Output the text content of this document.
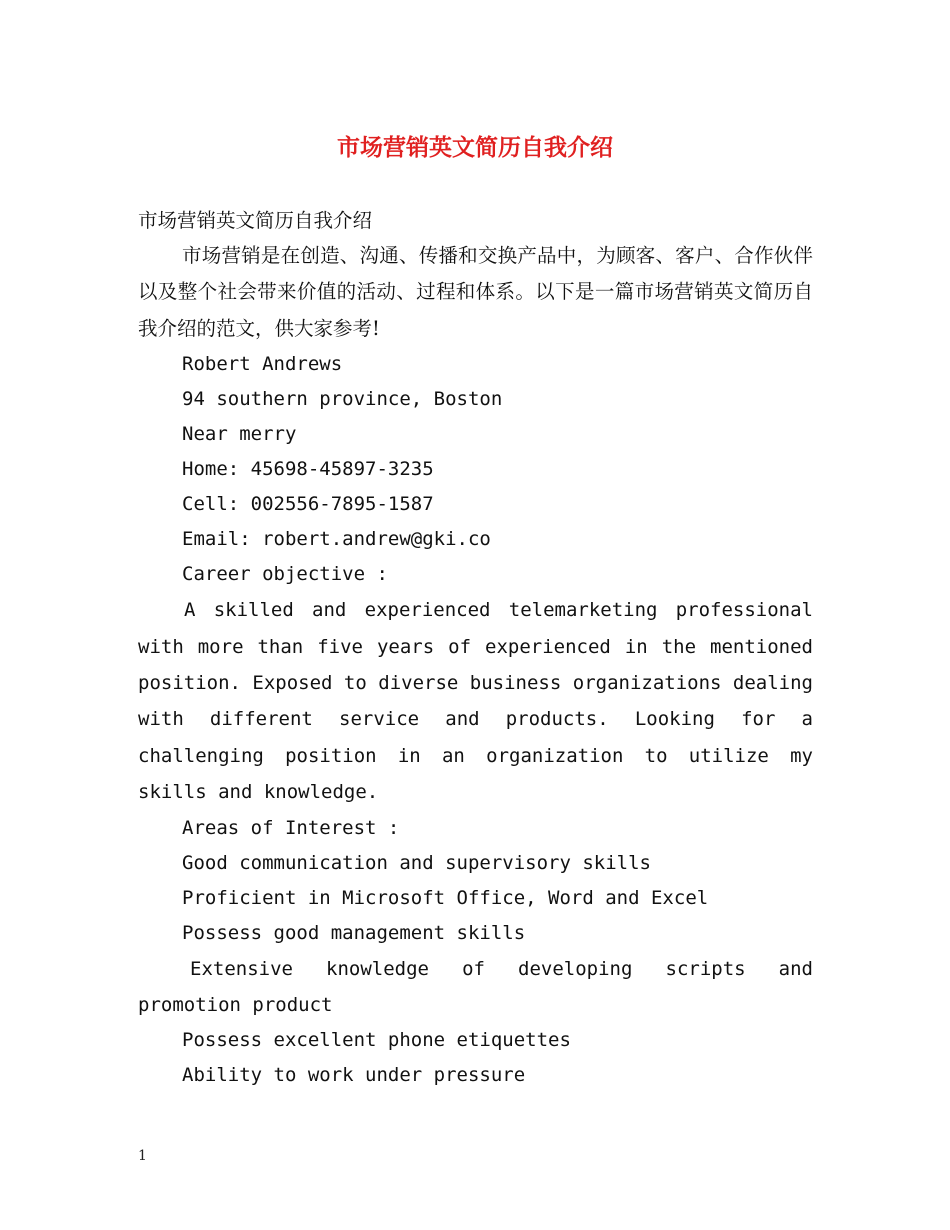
市场营销英文简历自我介绍

市场营销英文简历自我介绍

市场营销是在创造、沟通、传播和交换产品中，为顾客、客户、合作伙伴以及整个社会带来价值的活动、过程和体系。以下是一篇市场营销英文简历自我介绍的范文，供大家参考!

Robert Andrews

94 southern province, Boston

Near merry

Home: 45698-45897-3235

Cell: 002556-7895-1587

Email: robert.andrew@gki.co

Career objective :

A skilled and experienced telemarketing professional with more than five years of experienced in the mentioned position. Exposed to diverse business organizations dealing with different service and products. Looking for a challenging position in an organization to utilize my skills and knowledge.

Areas of Interest :

Good communication and supervisory skills

Proficient in Microsoft Office, Word and Excel

Possess good management skills

Extensive knowledge of developing scripts and promotion product

Possess excellent phone etiquettes

Ability to work under pressure

1
